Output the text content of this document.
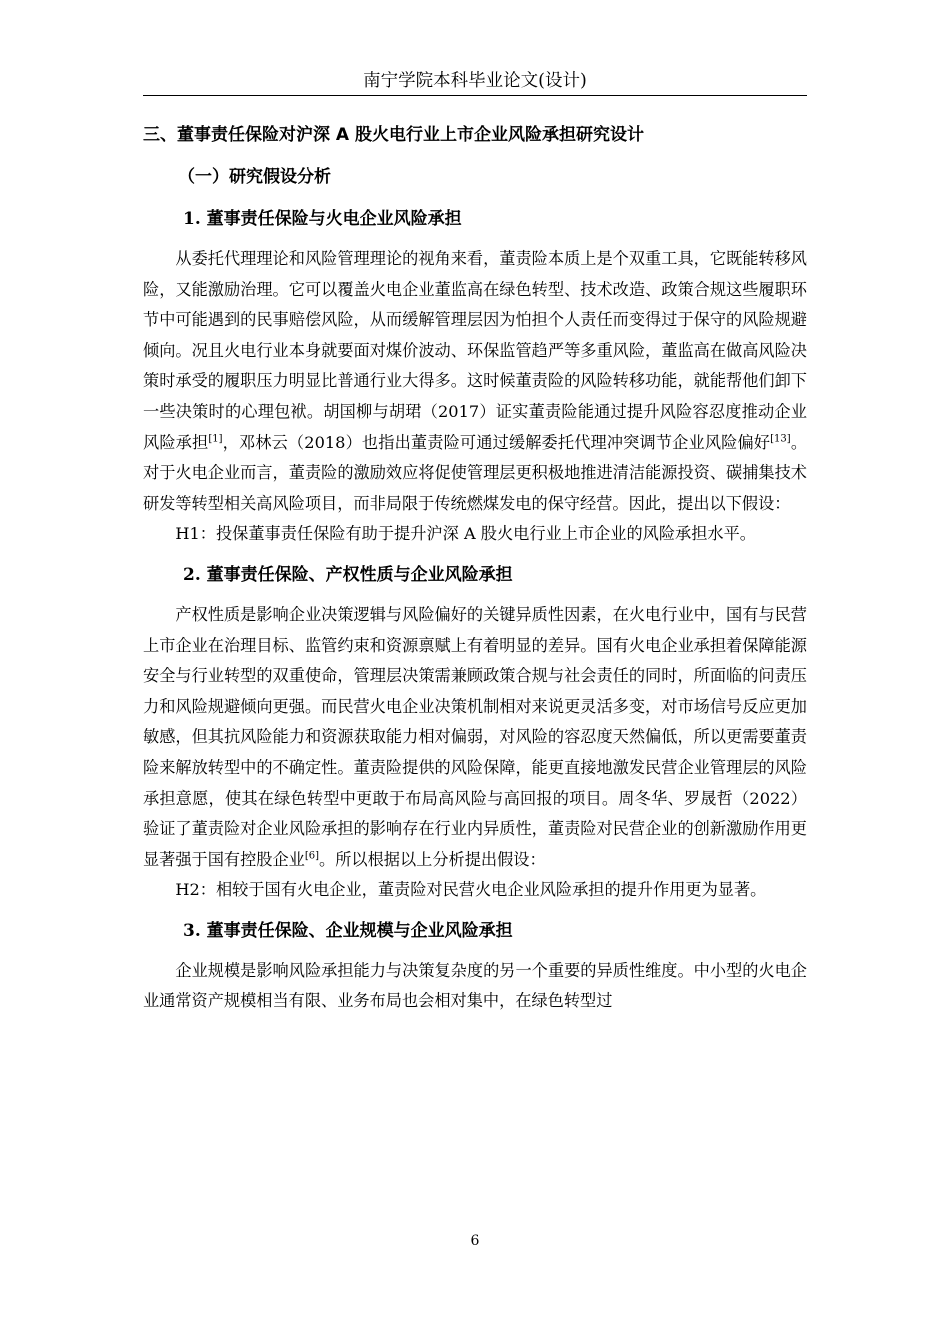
南宁学院本科毕业论文(设计)
三、董事责任保险对沪深 A 股火电行业上市企业风险承担研究设计
（一）研究假设分析
1. 董事责任保险与火电企业风险承担

从委托代理理论和风险管理理论的视角来看，董责险本质上是个双重工具，它既能转移风险，又能激励治理。它可以覆盖火电企业董监高在绿色转型、技术改造、政策合规这些履职环节中可能遇到的民事赔偿风险，从而缓解管理层因为怕担个人责任而变得过于保守的风险规避倾向。况且火电行业本身就要面对煤价波动、环保监管趋严等多重风险，董监高在做高风险决策时承受的履职压力明显比普通行业大得多。这时候董责险的风险转移功能，就能帮他们卸下一些决策时的心理包袱。胡国柳与胡珺（2017）证实董责险能通过提升风险容忍度推动企业风险承担[1]，邓林云（2018）也指出董责险可通过缓解委托代理冲突调节企业风险偏好[13]。对于火电企业而言，董责险的激励效应将促使管理层更积极地推进清洁能源投资、碳捕集技术研发等转型相关高风险项目，而非局限于传统燃煤发电的保守经营。因此，提出以下假设：

H1：投保董事责任保险有助于提升沪深 A 股火电行业上市企业的风险承担水平。

2. 董事责任保险、产权性质与企业风险承担

产权性质是影响企业决策逻辑与风险偏好的关键异质性因素，在火电行业中，国有与民营上市企业在治理目标、监管约束和资源禀赋上有着明显的差异。国有火电企业承担着保障能源安全与行业转型的双重使命，管理层决策需兼顾政策合规与社会责任的同时，所面临的问责压力和风险规避倾向更强。而民营火电企业决策机制相对来说更灵活多变，对市场信号反应更加敏感，但其抗风险能力和资源获取能力相对偏弱，对风险的容忍度天然偏低，所以更需要董责险来解放转型中的不确定性。董责险提供的风险保障，能更直接地激发民营企业管理层的风险承担意愿，使其在绿色转型中更敢于布局高风险与高回报的项目。周冬华、罗晟哲（2022）验证了董责险对企业风险承担的影响存在行业内异质性，董责险对民营企业的创新激励作用更显著强于国有控股企业[6]。所以根据以上分析提出假设：

H2：相较于国有火电企业，董责险对民营火电企业风险承担的提升作用更为显著。

3. 董事责任保险、企业规模与企业风险承担

企业规模是影响风险承担能力与决策复杂度的另一个重要的异质性维度。中小型的火电企业通常资产规模相当有限、业务布局也会相对集中，在绿色转型过

6
